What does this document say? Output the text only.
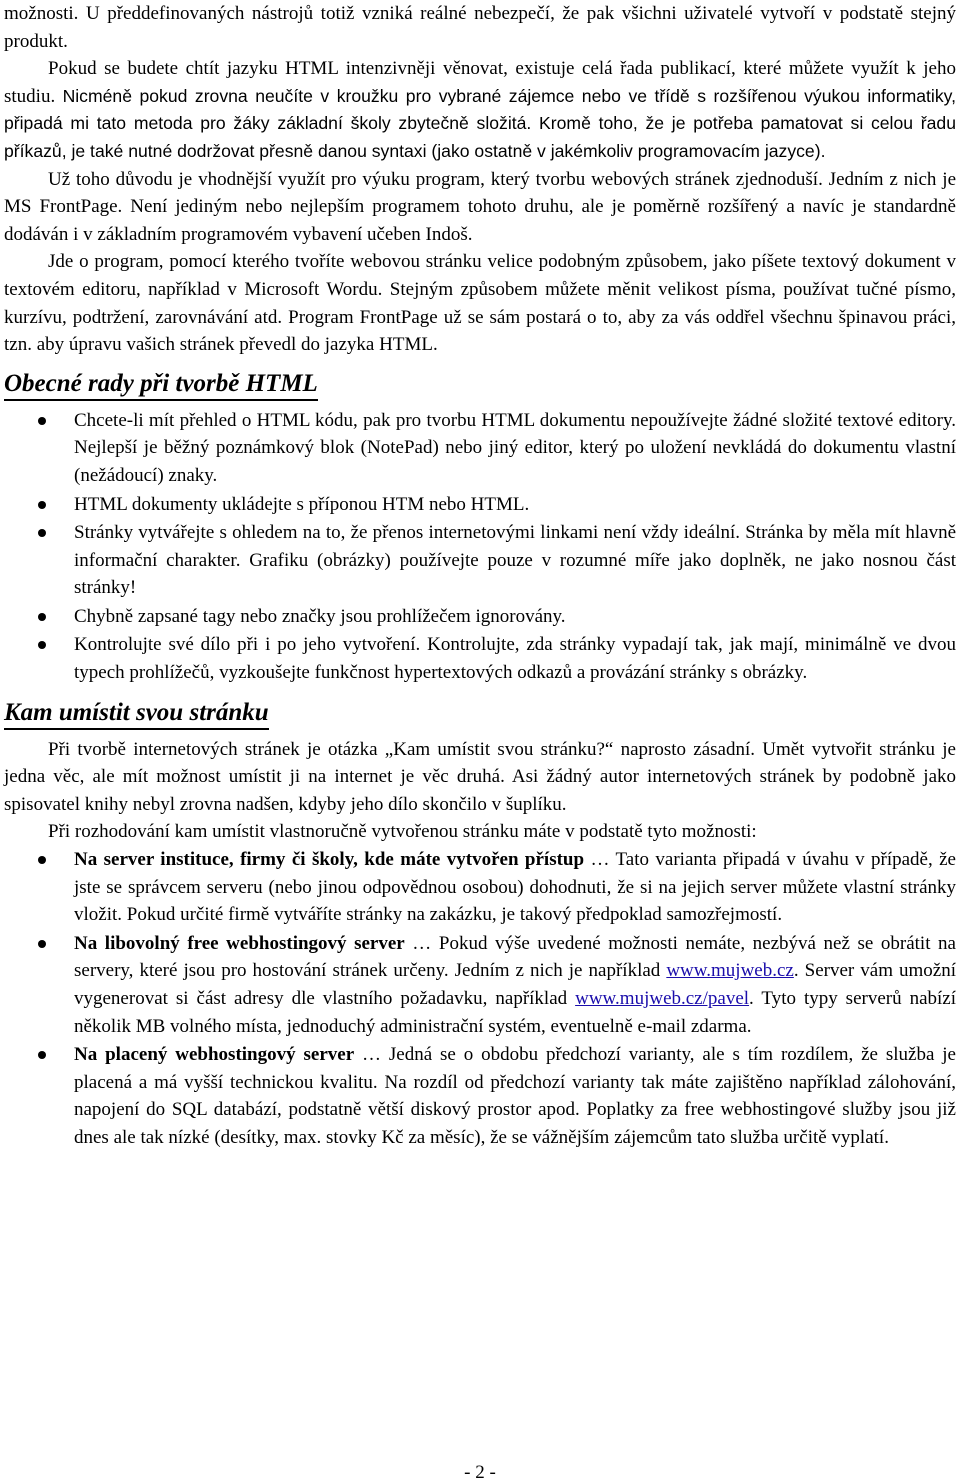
možnosti. U předdefinovaných nástrojů totiž vzniká reálné nebezpečí, že pak všichni uživatelé vytvoří v podstatě stejný produkt.

Pokud se budete chtít jazyku HTML intenzivněji věnovat, existuje celá řada publikací, které můžete využít k jeho studiu. Nicméně pokud zrovna neučíte v kroužku pro vybrané zájemce nebo ve třídě s rozšířenou výukou informatiky, připadá mi tato metoda pro žáky základní školy zbytečně složitá. Kromě toho, že je potřeba pamatovat si celou řadu příkazů, je také nutné dodržovat přesně danou syntaxi (jako ostatně v jakémkoliv programovacím jazyce).

Už toho důvodu je vhodnější využít pro výuku program, který tvorbu webových stránek zjednoduší. Jedním z nich je MS FrontPage. Není jediným nebo nejlepším programem tohoto druhu, ale je poměrně rozšířený a navíc je standardně dodáván i v základním programovém vybavení učeben Indoš.

Jde o program, pomocí kterého tvoříte webovou stránku velice podobným způsobem, jako píšete textový dokument v textovém editoru, například v Microsoft Wordu. Stejným způsobem můžete měnit velikost písma, používat tučné písmo, kurzívu, podtržení, zarovnávání atd. Program FrontPage už se sám postará o to, aby za vás oddřel všechnu špinavou práci, tzn. aby úpravu vašich stránek převedl do jazyka HTML.

Obecné rady při tvorbě HTML
Chcete-li mít přehled o HTML kódu, pak pro tvorbu HTML dokumentu nepoužívejte žádné složité textové editory. Nejlepší je běžný poznámkový blok (NotePad) nebo jiný editor, který po uložení nevkládá do dokumentu vlastní (nežádoucí) znaky.
HTML dokumenty ukládejte s příponou HTM nebo HTML.
Stránky vytvářejte s ohledem na to, že přenos internetovými linkami není vždy ideální. Stránka by měla mít hlavně informační charakter. Grafiku (obrázky) používejte pouze v rozumné míře jako doplněk, ne jako nosnou část stránky!
Chybně zapsané tagy nebo značky jsou prohlížečem ignorovány.
Kontrolujte své dílo při i po jeho vytvoření. Kontrolujte, zda stránky vypadají tak, jak mají, minimálně ve dvou typech prohlížečů, vyzkoušejte funkčnost hypertextových odkazů a provázání stránky s obrázky.
Kam umístit svou stránku

Při tvorbě internetových stránek je otázka „Kam umístit svou stránku?“ naprosto zásadní. Umět vytvořit stránku je jedna věc, ale mít možnost umístit ji na internet je věc druhá. Asi žádný autor internetových stránek by podobně jako spisovatel knihy nebyl zrovna nadšen, kdyby jeho dílo skončilo v šuplíku.

Při rozhodování kam umístit vlastnoručně vytvořenou stránku máte v podstatě tyto možnosti:

Na server instituce, firmy či školy, kde máte vytvořen přístup … Tato varianta připadá v úvahu v případě, že jste se správcem serveru (nebo jinou odpovědnou osobou) dohodnuti, že si na jejich server můžete vlastní stránky vložit. Pokud určité firmě vytváříte stránky na zakázku, je takový předpoklad samozřejmostí.
Na libovolný free webhostingový server … Pokud výše uvedené možnosti nemáte, nezbývá než se obrátit na servery, které jsou pro hostování stránek určeny. Jedním z nich je například www.mujweb.cz. Server vám umožní vygenerovat si část adresy dle vlastního požadavku, například www.mujweb.cz/pavel. Tyto typy serverů nabízí několik MB volného místa, jednoduchý administrační systém, eventuelně e-mail zdarma.
Na placený webhostingový server … Jedná se o obdobu předchozí varianty, ale s tím rozdílem, že služba je placená a má vyšší technickou kvalitu. Na rozdíl od předchozí varianty tak máte zajištěno například zálohování, napojení do SQL databází, podstatně větší diskový prostor apod. Poplatky za free webhostingové služby jsou již dnes ale tak nízké (desítky, max. stovky Kč za měsíc), že se vážnějším zájemcům tato služba určitě vyplatí.
- 2 -
